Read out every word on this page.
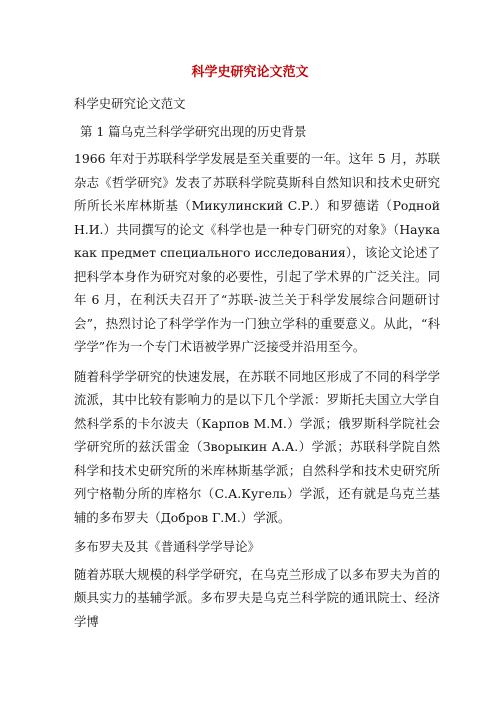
科学史研究论文范文

科学史研究论文范文

第 1 篇乌克兰科学学研究出现的历史背景

1966 年对于苏联科学学发展是至关重要的一年。这年 5 月，苏联杂志《哲学研究》发表了苏联科学院莫斯科自然知识和技术史研究所所长米库林斯基（Микулинский С.Р.）和罗德诺（Родной Н.И.）共同撰写的论文《科学也是一种专门研究的对象》（Наука как предмет специального исследования），该论文论述了把科学本身作为研究对象的必要性，引起了学术界的广泛关注。同年 6 月，在利沃夫召开了“苏联-波兰关于科学发展综合问题研讨会”，热烈讨论了科学学作为一门独立学科的重要意义。从此，“科学学”作为一个专门术语被学界广泛接受并沿用至今。

随着科学学研究的快速发展，在苏联不同地区形成了不同的科学学流派，其中比较有影响力的是以下几个学派：罗斯托夫国立大学自然科学系的卡尔波夫（Карпов М.М.）学派；俄罗斯科学院社会学研究所的兹沃雷金（Зворыкин А.А.）学派；苏联科学院自然科学和技术史研究所的米库林斯基学派；自然科学和技术史研究所列宁格勒分所的库格尔（С.А.Кугель）学派，还有就是乌克兰基辅的多布罗夫（Добров Г.М.）学派。

多布罗夫及其《普通科学学导论》

随着苏联大规模的科学学研究，在乌克兰形成了以多布罗夫为首的颇具实力的基辅学派。多布罗夫是乌克兰科学院的通讯院士、经济学博
